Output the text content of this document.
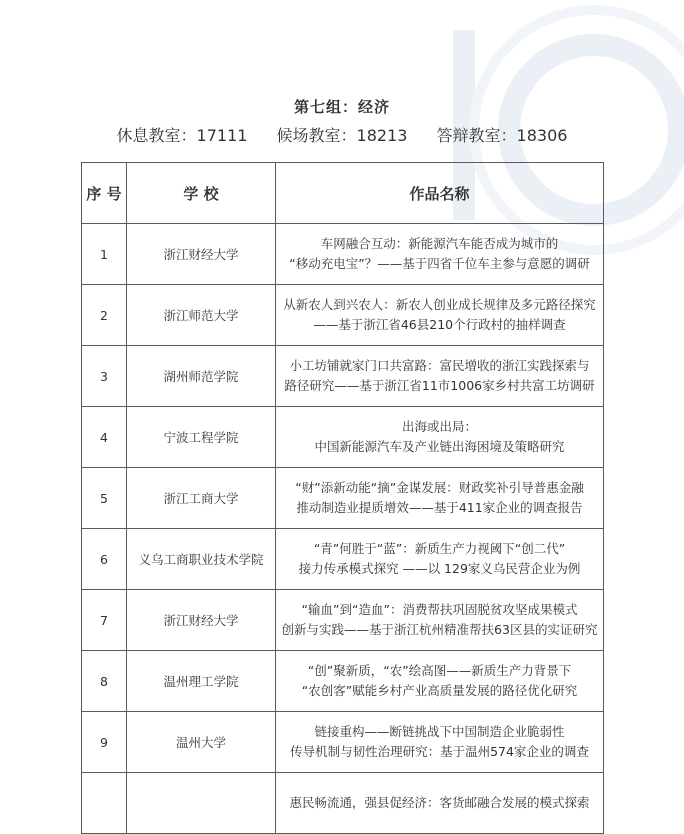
第七组：经济
休息教室：17111 候场教室：18213 答辩教室：18306
序 号	学 校	作品名称
1	浙江财经大学	车网融合互动：新能源汽车能否成为城市的
“移动充电宝”？——基于四省千位车主参与意愿的调研

2	浙江师范大学	从新农人到兴农人：新农人创业成长规律及多元路径探究
——基于浙江省46县210个行政村的抽样调查

3	湖州师范学院	小工坊铺就家门口共富路：富民增收的浙江实践探索与
路径研究——基于浙江省11市1006家乡村共富工坊调研

4	宁波工程学院	出海或出局：
中国新能源汽车及产业链出海困境及策略研究

5	浙江工商大学	“财”添新动能“摘”金谋发展：财政奖补引导普惠金融
推动制造业提质增效——基于411家企业的调查报告

6	义乌工商职业技术学院	“青”何胜于“蓝”：新质生产力视阈下“创二代”
接力传承模式探究 ——以 129家义乌民营企业为例

7	浙江财经大学	“输血”到“造血”：消费帮扶巩固脱贫攻坚成果模式
创新与实践——基于浙江杭州精准帮扶63区县的实证研究

8	温州理工学院	“创”聚新质，“农”绘高图——新质生产力背景下
“农创客”赋能乡村产业高质量发展的路径优化研究

9	温州大学	链接重构——断链挑战下中国制造企业脆弱性
传导机制与韧性治理研究：基于温州574家企业的调查

		惠民畅流通，强县促经济：客货邮融合发展的模式探索
